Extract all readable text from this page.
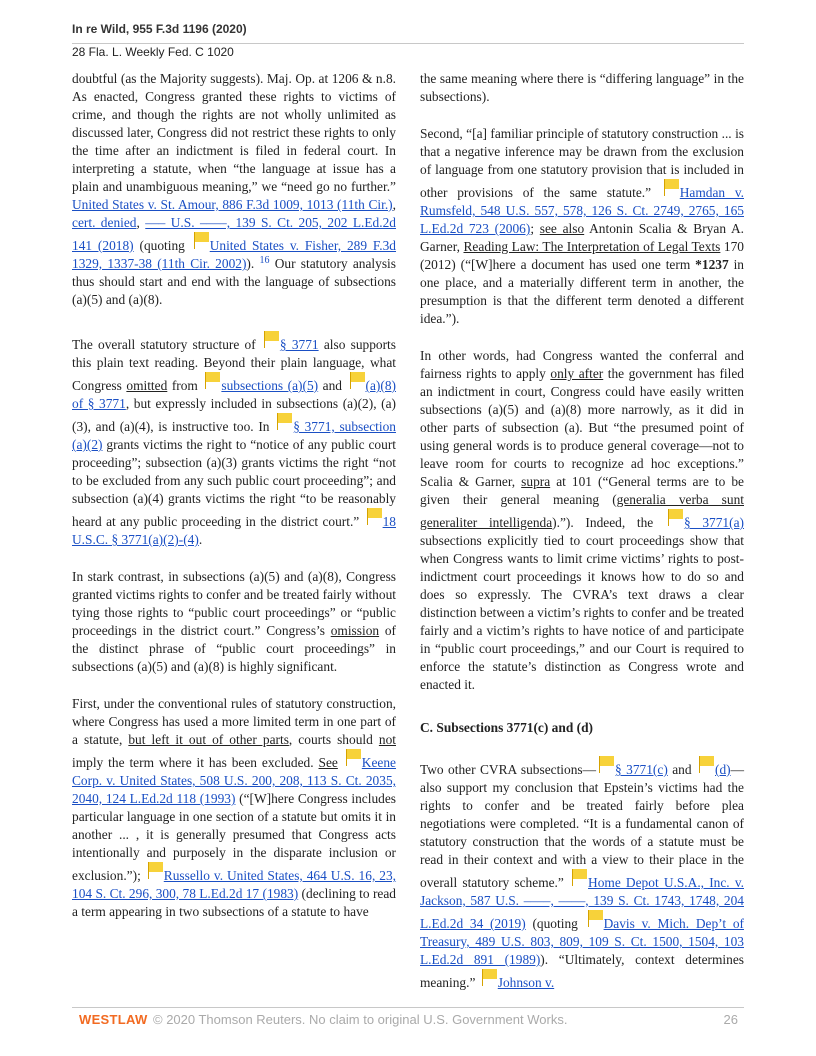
In re Wild, 955 F.3d 1196 (2020)
28 Fla. L. Weekly Fed. C 1020

doubtful (as the Majority suggests). Maj. Op. at 1206 & n.8. As enacted, Congress granted these rights to victims of crime, and though the rights are not wholly unlimited as discussed later, Congress did not restrict these rights to only the time after an indictment is filed in federal court. In interpreting a statute, when “the language at issue has a plain and unambiguous meaning,” we “need go no further.” United States v. St. Amour, 886 F.3d 1009, 1013 (11th Cir.), cert. denied, ––– U.S. ––––, 139 S. Ct. 205, 202 L.Ed.2d 141 (2018) (quoting United States v. Fisher, 289 F.3d 1329, 1337-38 (11th Cir. 2002)). $^{16}$ Our statutory analysis thus should start and end with the language of subsections (a)(5) and (a)(8).

The overall statutory structure of § 3771 also supports this plain text reading. Beyond their plain language, what Congress omitted from subsections (a)(5) and (a)(8) of § 3771, but expressly included in subsections (a)(2), (a)(3), and (a)(4), is instructive too. In § 3771, subsection (a)(2) grants victims the right to “notice of any public court proceeding”; subsection (a)(3) grants victims the right “not to be excluded from any such public court proceeding”; and subsection (a)(4) grants victims the right “to be reasonably heard at any public proceeding in the district court.” 18 U.S.C. § 3771(a)(2)-(4).

In stark contrast, in subsections (a)(5) and (a)(8), Congress granted victims rights to confer and be treated fairly without tying those rights to “public court proceedings” or “public proceedings in the district court.” Congress’s omission of the distinct phrase of “public court proceedings” in subsections (a)(5) and (a)(8) is highly significant.

First, under the conventional rules of statutory construction, where Congress has used a more limited term in one part of a statute, but left it out of other parts, courts should not imply the term where it has been excluded. See Keene Corp. v. United States, 508 U.S. 200, 208, 113 S. Ct. 2035, 2040, 124 L.Ed.2d 118 (1993) (“[W]here Congress includes particular language in one section of a statute but omits it in another ... , it is generally presumed that Congress acts intentionally and purposely in the disparate inclusion or exclusion.”); Russello v. United States, 464 U.S. 16, 23, 104 S. Ct. 296, 300, 78 L.Ed.2d 17 (1983) (declining to read a term appearing in two subsections of a statute to have

the same meaning where there is “differing language” in the subsections).

Second, “[a] familiar principle of statutory construction ... is that a negative inference may be drawn from the exclusion of language from one statutory provision that is included in other provisions of the same statute.” Hamdan v. Rumsfeld, 548 U.S. 557, 578, 126 S. Ct. 2749, 2765, 165 L.Ed.2d 723 (2006); see also Antonin Scalia & Bryan A. Garner, Reading Law: The Interpretation of Legal Texts 170 (2012) (“[W]here a document has used one term *1237 in one place, and a materially different term in another, the presumption is that the different term denoted a different idea.”).

In other words, had Congress wanted the conferral and fairness rights to apply only after the government has filed an indictment in court, Congress could have easily written subsections (a)(5) and (a)(8) more narrowly, as it did in other parts of subsection (a). But “the presumed point of using general words is to produce general coverage—not to leave room for courts to recognize ad hoc exceptions.” Scalia & Garner, supra at 101 (“General terms are to be given their general meaning (generalia verba sunt generaliter intelligenda).”). Indeed, the § 3771(a) subsections explicitly tied to court proceedings show that when Congress wants to limit crime victims’ rights to post-indictment court proceedings it knows how to do so and does so expressly. The CVRA’s text draws a clear distinction between a victim’s rights to confer and be treated fairly and a victim’s rights to have notice of and participate in “public court proceedings,” and our Court is required to enforce the statute’s distinction as Congress wrote and enacted it.

C. Subsections 3771(c) and (d)

Two other CVRA subsections— § 3771(c) and (d)—also support my conclusion that Epstein’s victims had the rights to confer and be treated fairly before plea negotiations were completed. “It is a fundamental canon of statutory construction that the words of a statute must be read in their context and with a view to their place in the overall statutory scheme.” Home Depot U.S.A., Inc. v. Jackson, 587 U.S. ––––, ––––, 139 S. Ct. 1743, 1748, 204 L.Ed.2d 34 (2019) (quoting Davis v. Mich. Dep’t of Treasury, 489 U.S. 803, 809, 109 S. Ct. 1500, 1504, 103 L.Ed.2d 891 (1989)). “Ultimately, context determines meaning.” Johnson v.

WESTLAW © 2020 Thomson Reuters. No claim to original U.S. Government Works.	26
